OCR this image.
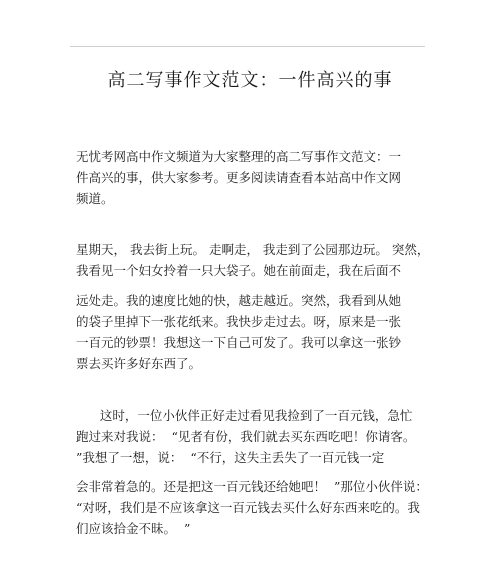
高二写事作文范文：一件高兴的事
无忧考网高中作文频道为大家整理的高二写事作文范文：一
件高兴的事，供大家参考。更多阅读请查看本站高中作文网
频道。
星期天， 我去街上玩。 走啊走， 我走到了公园那边玩。 突然，
我看见一个妇女拎着一只大袋子。她在前面走，我在后面不
远处走。我的速度比她的快，越走越近。突然，我看到从她
的袋子里掉下一张花纸来。我快步走过去。呀，原来是一张
一百元的钞票！我想这一下自己可发了。我可以拿这一张钞
票去买许多好东西了。
这时，一位小伙伴正好走过看见我捡到了一百元钱，急忙
跑过来对我说：  “见者有份，我们就去买东西吃吧！你请客。
”我想了一想，说：  “不行，这失主丢失了一百元钱一定
会非常着急的。还是把这一百元钱还给她吧！  ”那位小伙伴说：
“对呀，我们是不应该拿这一百元钱去买什么好东西来吃的。我
们应该拾金不昧。  ”
